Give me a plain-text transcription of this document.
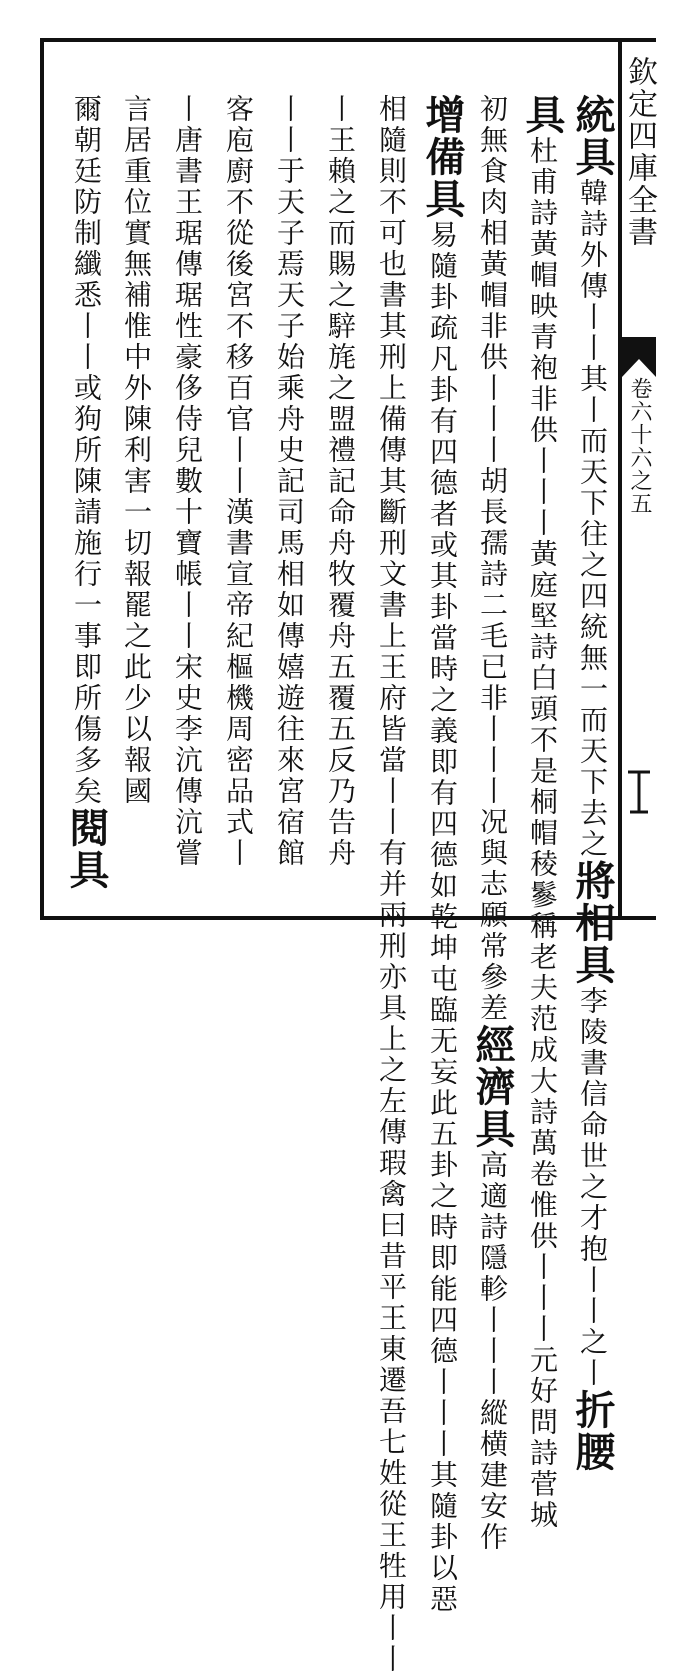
統具韓詩外傳丨丨其丨而天下往之四統無一而天下去之將相具李陵書信命世之才抱丨丨之丨折腰
具杜甫詩黃帽映青袍非供丨丨丨黃庭堅詩白頭不是桐帽稜鬖稱老夫范成大詩萬卷惟供丨丨丨元好問詩菅城
初無食肉相黃帽非供丨丨丨胡長孺詩二毛已非丨丨丨况與志願常參差經濟具高適詩隱軫丨丨丨縱横建安作
增備具易隨卦疏凡卦有四德者或其卦當時之義即有四德如乾坤屯臨无妄此五卦之時即能四德丨丨丨其隨卦以惡
相隨則不可也書其刑上備傳其斷刑文書上王府皆當丨丨有并兩刑亦具上之左傳瑕禽曰昔平王東遷吾七姓從王牲用丨丨
丨王賴之而賜之騂旄之盟禮記命舟牧覆舟五覆五反乃告舟
丨丨于天子焉天子始乘舟史記司馬相如傳嬉遊往來宮宿館
客庖廚不從後宮不移百官丨丨漢書宣帝紀樞機周密品式丨
丨唐書王琚傳琚性豪侈侍兒數十寶帳丨丨宋史李沆傳沆嘗
言居重位實無補惟中外陳利害一切報罷之此少以報國
爾朝廷防制纖悉丨丨或狗所陳請施行一事即所傷多矣閱具
欽定四庫全書
卷六十六之五
